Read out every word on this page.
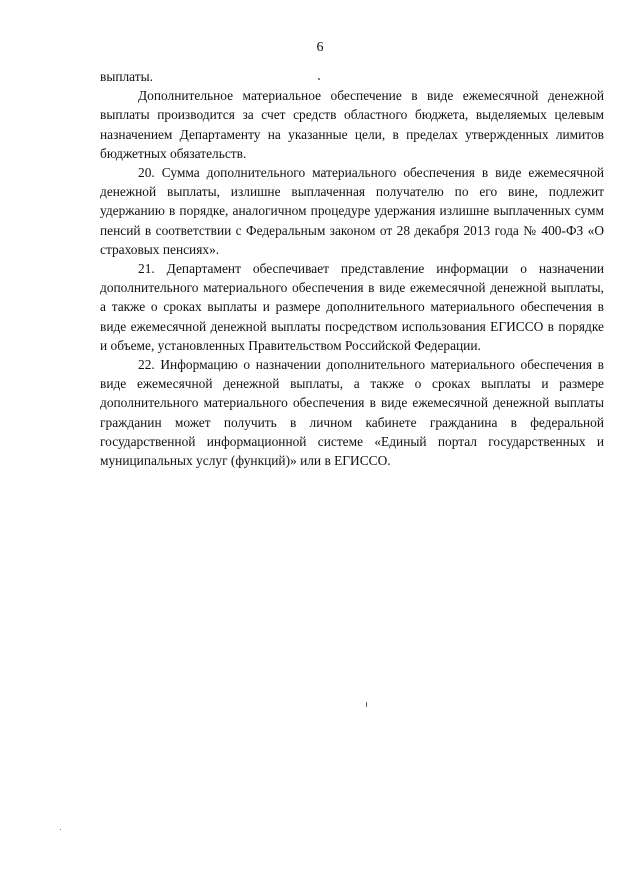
6

выплаты.

Дополнительное материальное обеспечение в виде ежемесячной денежной выплаты производится за счет средств областного бюджета, выделяемых целевым назначением Департаменту на указанные цели, в пределах утвержденных лимитов бюджетных обязательств.

20. Сумма дополнительного материального обеспечения в виде ежемесячной денежной выплаты, излишне выплаченная получателю по его вине, подлежит удержанию в порядке, аналогичном процедуре удержания излишне выплаченных сумм пенсий в соответствии с Федеральным законом от 28 декабря 2013 года № 400-ФЗ «О страховых пенсиях».

21. Департамент обеспечивает представление информации о назначении дополнительного материального обеспечения в виде ежемесячной денежной выплаты, а также о сроках выплаты и размере дополнительного материального обеспечения в виде ежемесячной денежной выплаты посредством использования ЕГИССО в порядке и объеме, установленных Правительством Российской Федерации.

22. Информацию о назначении дополнительного материального обеспечения в виде ежемесячной денежной выплаты, а также о сроках выплаты и размере дополнительного материального обеспечения в виде ежемесячной денежной выплаты гражданин может получить в личном кабинете гражданина в федеральной государственной информационной системе «Единый портал государственных и муниципальных услуг (функций)» или в ЕГИССО.
